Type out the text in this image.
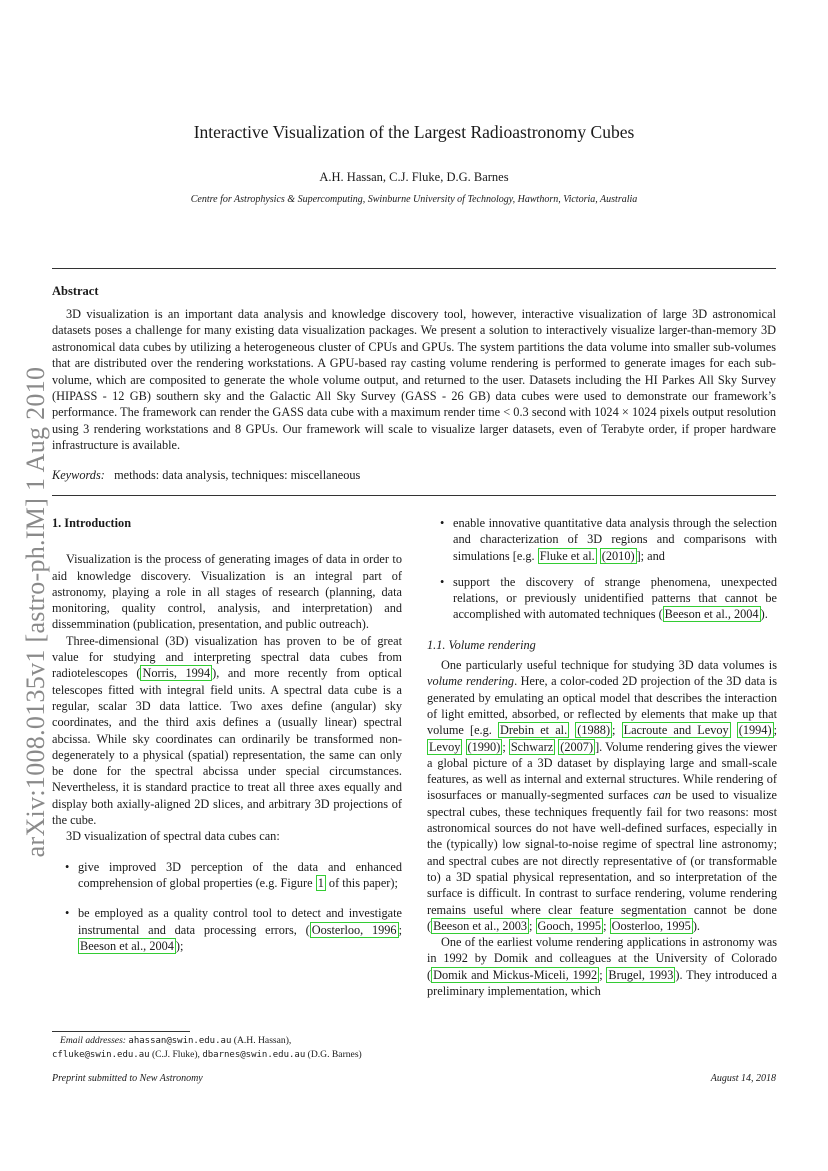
arXiv:1008.0135v1 [astro-ph.IM] 1 Aug 2010
Interactive Visualization of the Largest Radioastronomy Cubes
A.H. Hassan, C.J. Fluke, D.G. Barnes
Centre for Astrophysics & Supercomputing, Swinburne University of Technology, Hawthorn, Victoria, Australia
Abstract

3D visualization is an important data analysis and knowledge discovery tool, however, interactive visualization of large 3D astronomical datasets poses a challenge for many existing data visualization packages. We present a solution to interactively visualize larger-than-memory 3D astronomical data cubes by utilizing a heterogeneous cluster of CPUs and GPUs. The system partitions the data volume into smaller sub-volumes that are distributed over the rendering workstations. A GPU-based ray casting volume rendering is performed to generate images for each sub-volume, which are composited to generate the whole volume output, and returned to the user. Datasets including the HI Parkes All Sky Survey (HIPASS - 12 GB) southern sky and the Galactic All Sky Survey (GASS - 26 GB) data cubes were used to demonstrate our framework’s performance. The framework can render the GASS data cube with a maximum render time < 0.3 second with 1024 × 1024 pixels output resolution using 3 rendering workstations and 8 GPUs. Our framework will scale to visualize larger datasets, even of Terabyte order, if proper hardware infrastructure is available.

Keywords: methods: data analysis, techniques: miscellaneous
1. Introduction

Visualization is the process of generating images of data in order to aid knowledge discovery. Visualization is an integral part of astronomy, playing a role in all stages of research (planning, data monitoring, quality control, analysis, and interpretation) and dissemmination (publication, presentation, and public outreach).

Three-dimensional (3D) visualization has proven to be of great value for studying and interpreting spectral data cubes from radiotelescopes ( Norris, 1994 ), and more recently from optical telescopes fitted with integral field units. A spectral data cube is a regular, scalar 3D data lattice. Two axes define (angular) sky coordinates, and the third axis defines a (usually linear) spectral abcissa. While sky coordinates can ordinarily be transformed non-degenerately to a physical (spatial) representation, the same can only be done for the spectral abcissa under special circumstances. Nevertheless, it is standard practice to treat all three axes equally and display both axially-aligned 2D slices, and arbitrary 3D projections of the cube.

3D visualization of spectral data cubes can:

• give improved 3D perception of the data and enhanced comprehension of global properties (e.g. Figure 1 of this paper);
• be employed as a quality control tool to detect and investigate instrumental and data processing errors, ( Oosterloo, 1996 ; Beeson et al., 2004 );
• enable innovative quantitative data analysis through the selection and characterization of 3D regions and comparisons with simulations [e.g. Fluke et al. (2010) ]; and
• support the discovery of strange phenomena, unexpected relations, or previously unidentified patterns that cannot be accomplished with automated techniques ( Beeson et al., 2004 ).
1.1. Volume rendering

One particularly useful technique for studying 3D data volumes is volume rendering. Here, a color-coded 2D projection of the 3D data is generated by emulating an optical model that describes the interaction of light emitted, absorbed, or reflected by elements that make up that volume [e.g. Drebin et al. (1988) ; Lacroute and Levoy (1994) ; Levoy (1990) ; Schwarz (2007) ]. Volume rendering gives the viewer a global picture of a 3D dataset by displaying large and small-scale features, as well as internal and external structures. While rendering of isosurfaces or manually-segmented surfaces can be used to visualize spectral cubes, these techniques frequently fail for two reasons: most astronomical sources do not have well-defined surfaces, especially in the (typically) low signal-to-noise regime of spectral line astronomy; and spectral cubes are not directly representative of (or transformable to) a 3D spatial physical representation, and so interpretation of the surface is difficult. In contrast to surface rendering, volume rendering remains useful where clear feature segmentation cannot be done ( Beeson et al., 2003 ; Gooch, 1995 ; Oosterloo, 1995 ).

One of the earliest volume rendering applications in astronomy was in 1992 by Domik and colleagues at the University of Colorado ( Domik and Mickus-Miceli, 1992 ; Brugel, 1993 ). They introduced a preliminary implementation, which

Email addresses: ahassan@swin.edu.au (A.H. Hassan),
cfluke@swin.edu.au (C.J. Fluke), dbarnes@swin.edu.au (D.G. Barnes)
Preprint submitted to New Astronomy	August 14, 2018
